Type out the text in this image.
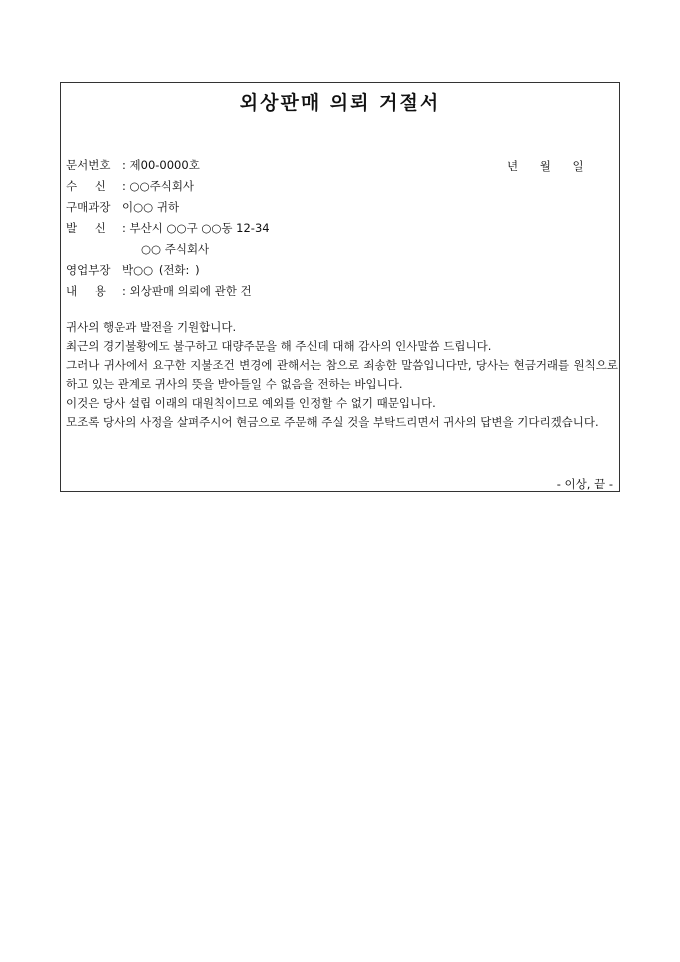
외상판매 의뢰 거절서
년 월 일
문서번호 : 제00-0000호
수 신 : ○○주식회사
구매과장 이○○ 귀하
발 신 : 부산시 ○○구 ○○동 12-34
○○ 주식회사
영업부장 박○○ (전화: )
내 용 : 외상판매 의뢰에 관한 건
귀사의 행운과 발전을 기원합니다.
최근의 경기불황에도 불구하고 대량주문을 해 주신데 대해 감사의 인사말씀 드립니다.
그러나 귀사에서 요구한 지불조건 변경에 관해서는 참으로 죄송한 말씀입니다만, 당사는 현금거래를 원칙으로 하고 있는 관계로 귀사의 뜻을 받아들일 수 없음을 전하는 바입니다.
이것은 당사 설립 이래의 대원칙이므로 예외를 인정할 수 없기 때문입니다.
모조록 당사의 사정을 살펴주시어 현금으로 주문해 주실 것을 부탁드리면서 귀사의 답변을 기다리겠습니다.
- 이상, 끝 -
